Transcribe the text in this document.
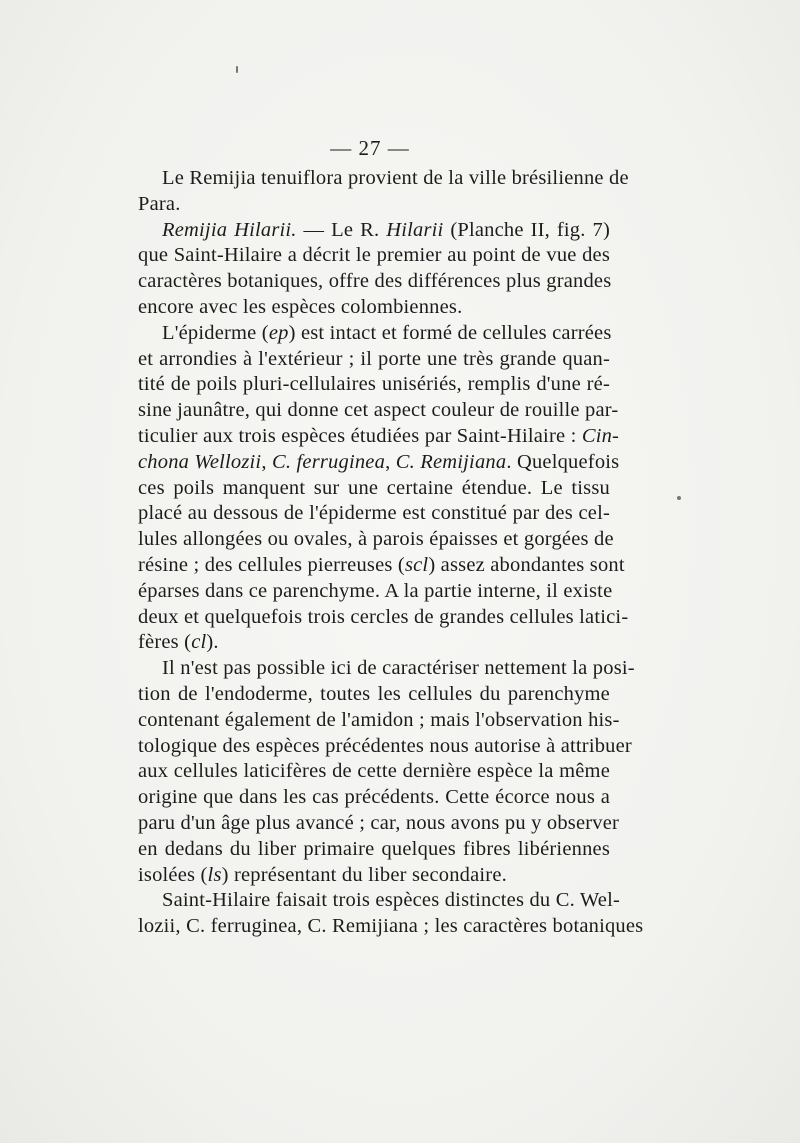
— 27 —

Le Remijia tenuiflora provient de la ville brésilienne de
Para.

Remijia Hilarii. — Le R. Hilarii (Planche II, fig. 7)
que Saint-Hilaire a décrit le premier au point de vue des
caractères botaniques, offre des différences plus grandes
encore avec les espèces colombiennes.

L'épiderme (ep) est intact et formé de cellules carrées
et arrondies à l'extérieur ; il porte une très grande quan-
tité de poils pluri-cellulaires unisériés, remplis d'une ré-
sine jaunâtre, qui donne cet aspect couleur de rouille par-
ticulier aux trois espèces étudiées par Saint-Hilaire : Cin-
chona Wellozii, C. ferruginea, C. Remijiana. Quelquefois
ces poils manquent sur une certaine étendue. Le tissu
placé au dessous de l'épiderme est constitué par des cel-
lules allongées ou ovales, à parois épaisses et gorgées de
résine ; des cellules pierreuses (scl) assez abondantes sont
éparses dans ce parenchyme. A la partie interne, il existe
deux et quelquefois trois cercles de grandes cellules latici-
fères (cl).

Il n'est pas possible ici de caractériser nettement la posi-
tion de l'endoderme, toutes les cellules du parenchyme
contenant également de l'amidon ; mais l'observation his-
tologique des espèces précédentes nous autorise à attribuer
aux cellules laticifères de cette dernière espèce la même
origine que dans les cas précédents. Cette écorce nous a
paru d'un âge plus avancé ; car, nous avons pu y observer
en dedans du liber primaire quelques fibres libériennes
isolées (ls) représentant du liber secondaire.

Saint-Hilaire faisait trois espèces distinctes du C. Wel-
lozii, C. ferruginea, C. Remijiana ; les caractères botaniques
